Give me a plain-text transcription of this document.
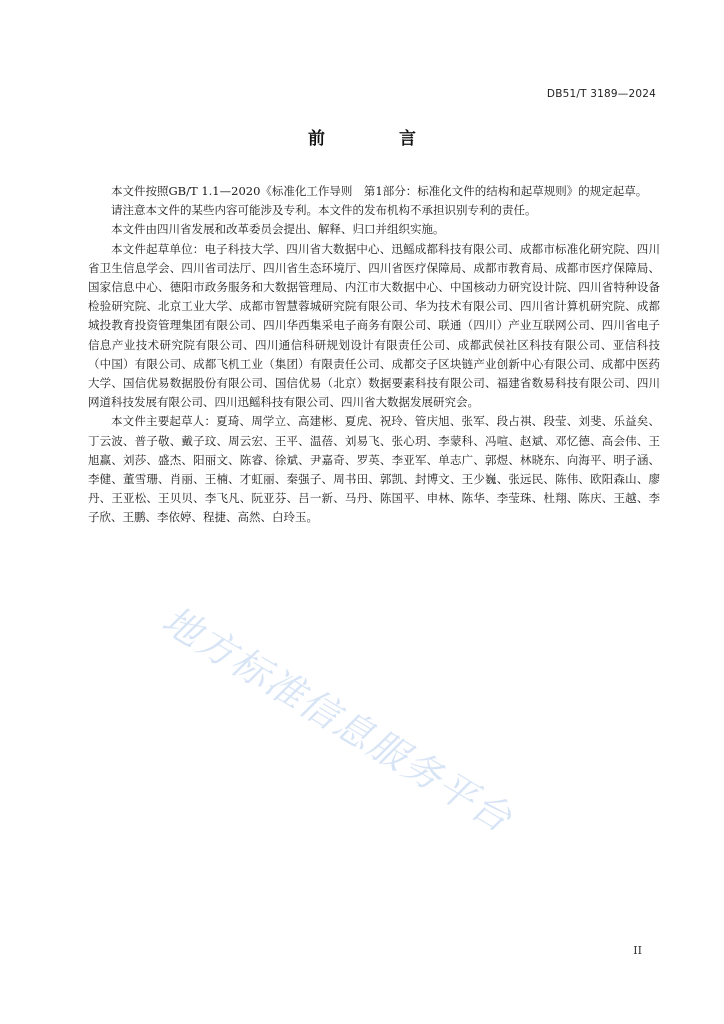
DB51/T 3189—2024
前 言

本文件按照GB/T 1.1—2020《标准化工作导则　第1部分：标准化文件的结构和起草规则》的规定起草。

请注意本文件的某些内容可能涉及专利。本文件的发布机构不承担识别专利的责任。

本文件由四川省发展和改革委员会提出、解释、归口并组织实施。

本文件起草单位：电子科技大学、四川省大数据中心、迅鳐成都科技有限公司、成都市标准化研究院、四川省卫生信息学会、四川省司法厅、四川省生态环境厅、四川省医疗保障局、成都市教育局、成都市医疗保障局、国家信息中心、德阳市政务服务和大数据管理局、内江市大数据中心、中国核动力研究设计院、四川省特种设备检验研究院、北京工业大学、成都市智慧蓉城研究院有限公司、华为技术有限公司、四川省计算机研究院、成都城投教育投资管理集团有限公司、四川华西集采电子商务有限公司、联通（四川）产业互联网公司、四川省电子信息产业技术研究院有限公司、四川通信科研规划设计有限责任公司、成都武侯社区科技有限公司、亚信科技（中国）有限公司、成都飞机工业（集团）有限责任公司、成都交子区块链产业创新中心有限公司、成都中医药大学、国信优易数据股份有限公司、国信优易（北京）数据要素科技有限公司、福建省数易科技有限公司、四川网道科技发展有限公司、四川迅鳐科技有限公司、四川省大数据发展研究会。

本文件主要起草人：夏琦、周学立、高建彬、夏虎、祝玲、管庆旭、张军、段占祺、段莹、刘斐、乐益矣、丁云波、普子敬、戴子玟、周云宏、王平、温蓓、刘易飞、张心玥、李蒙科、冯喧、赵斌、邓忆德、高会伟、王旭赢、刘莎、盛杰、阳丽文、陈睿、徐斌、尹嘉奇、罗英、李亚军、单志广、郭煜、林晓东、向海平、明子涵、李健、董雪珊、肖丽、王楠、才虹丽、秦强子、周书田、郭凯、封博文、王少巍、张远民、陈伟、欧阳森山、廖丹、王亚松、王贝贝、李飞凡、阮亚芬、吕一新、马丹、陈国平、申林、陈华、李莹珠、杜翔、陈庆、王越、李子欣、王鹏、李依婷、程捷、高然、白玲玉。

地方标准信息服务平台
II
